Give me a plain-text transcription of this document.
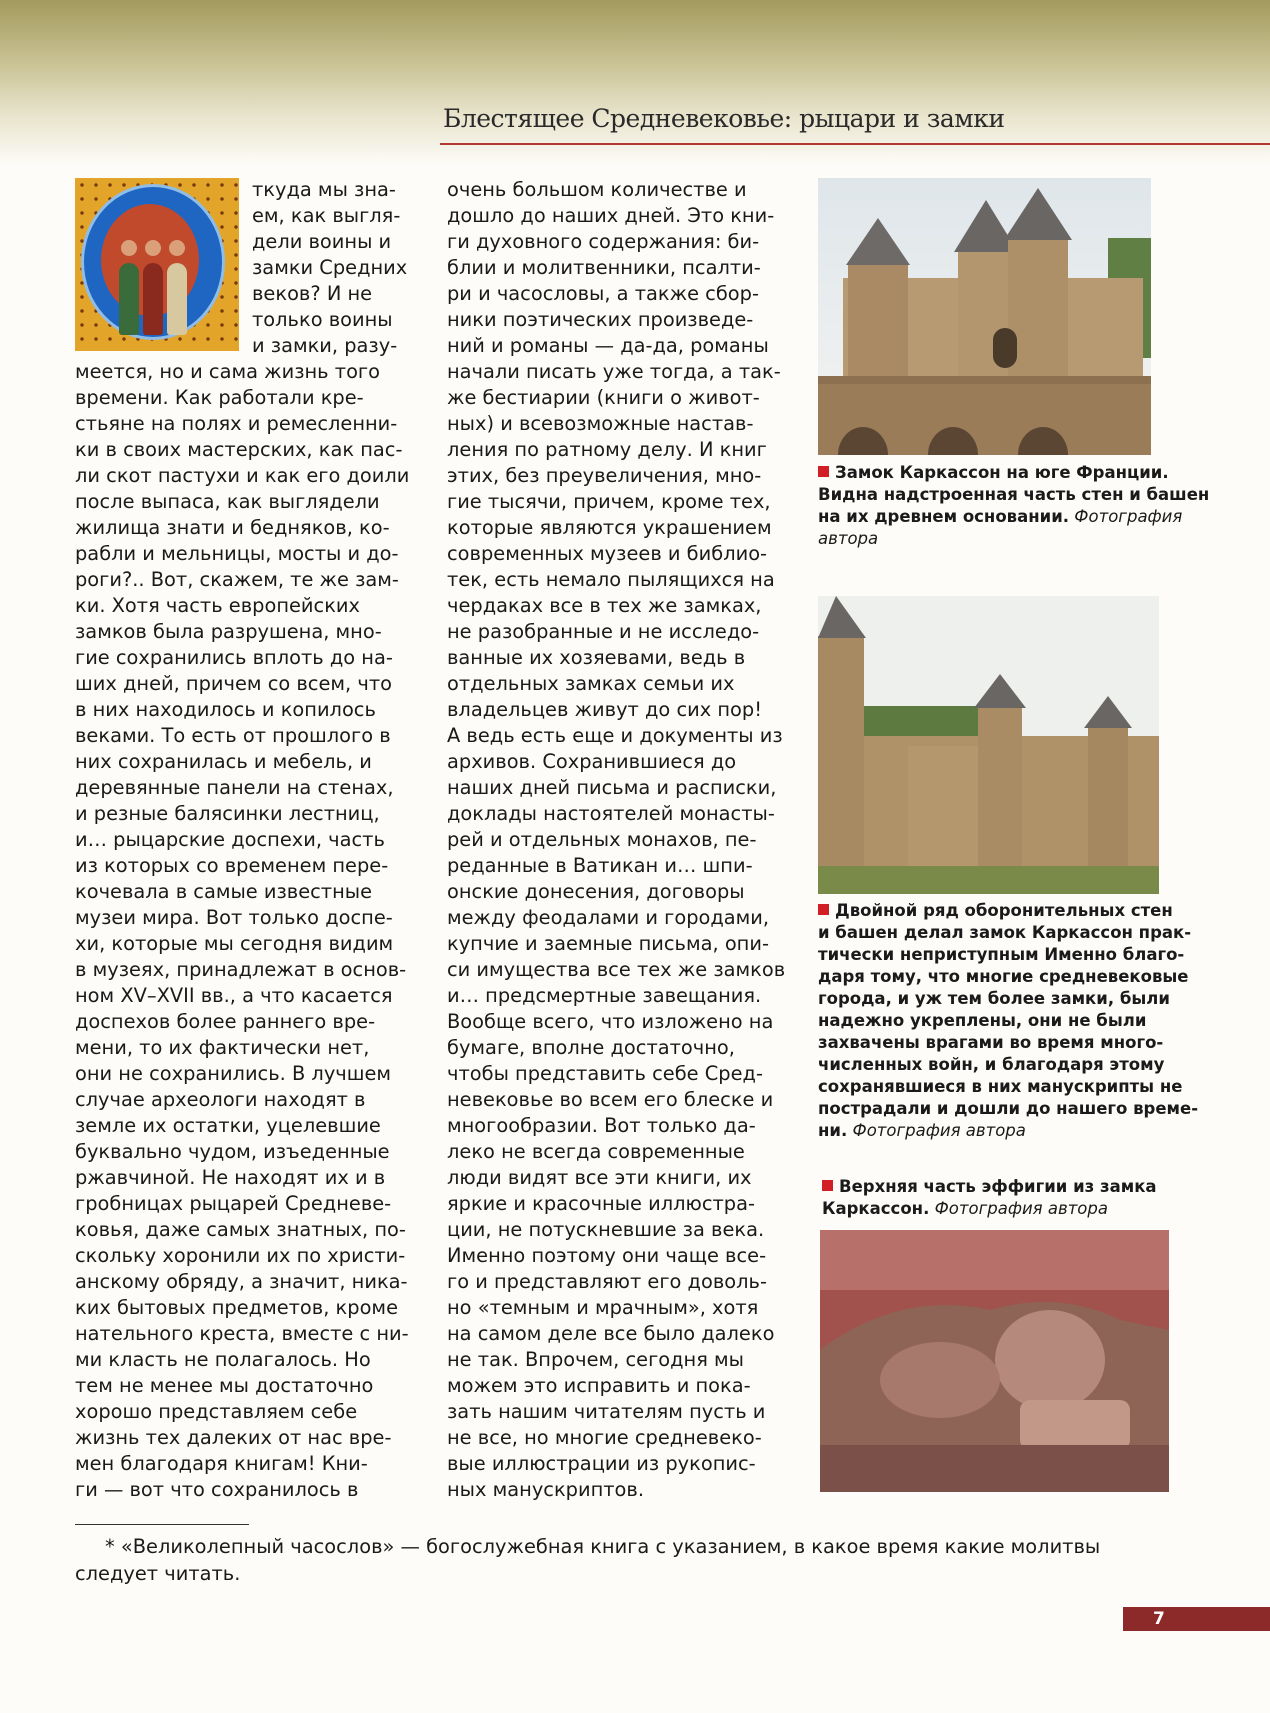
Блестящее Средневековье: рыцари и замки
ткуда мы зна-
ем, как выгля-
дели воины и
замки Средних
веков? И не
только воины
и замки, разу-
меется, но и сама жизнь того
времени. Как работали кре-
стьяне на полях и ремесленни-
ки в своих мастерских, как пас-
ли скот пастухи и как его доили
после выпаса, как выглядели
жилища знати и бедняков, ко-
рабли и мельницы, мосты и до-
роги?.. Вот, скажем, те же зам-
ки. Хотя часть европейских
замков была разрушена, мно-
гие сохранились вплоть до на-
ших дней, причем со всем, что
в них находилось и копилось
веками. То есть от прошлого в
них сохранилась и мебель, и
деревянные панели на стенах,
и резные балясинки лестниц,
и… рыцарские доспехи, часть
из которых со временем пере-
кочевала в самые известные
музеи мира. Вот только доспе-
хи, которые мы сегодня видим
в музеях, принадлежат в основ-
ном XV–XVII вв., а что касается
доспехов более раннего вре-
мени, то их фактически нет,
они не сохранились. В лучшем
случае археологи находят в
земле их остатки, уцелевшие
буквально чудом, изъеденные
ржавчиной. Не находят их и в
гробницах рыцарей Средневе-
ковья, даже самых знатных, по-
скольку хоронили их по христи-
анскому обряду, а значит, ника-
ких бытовых предметов, кроме
нательного креста, вместе с ни-
ми класть не полагалось. Но
тем не менее мы достаточно
хорошо представляем себе
жизнь тех далеких от нас вре-
мен благодаря книгам! Кни-
ги — вот что сохранилось в
очень большом количестве и
дошло до наших дней. Это кни-
ги духовного содержания: би-
блии и молитвенники, псалти-
ри и часословы, а также сбор-
ники поэтических произведе-
ний и романы — да-да, романы
начали писать уже тогда, а так-
же бестиарии (книги о живот-
ных) и всевозможные настав-
ления по ратному делу. И книг
этих, без преувеличения, мно-
гие тысячи, причем, кроме тех,
которые являются украшением
современных музеев и библио-
тек, есть немало пылящихся на
чердаках все в тех же замках,
не разобранные и не исследо-
ванные их хозяевами, ведь в
отдельных замках семьи их
владельцев живут до сих пор!
А ведь есть еще и документы из
архивов. Сохранившиеся до
наших дней письма и расписки,
доклады настоятелей монасты-
рей и отдельных монахов, пе-
реданные в Ватикан и… шпи-
онские донесения, договоры
между феодалами и городами,
купчие и заемные письма, опи-
си имущества все тех же замков
и… предсмертные завещания.
Вообще всего, что изложено на
бумаге, вполне достаточно,
чтобы представить себе Сред-
невековье во всем его блеске и
многообразии. Вот только да-
леко не всегда современные
люди видят все эти книги, их
яркие и красочные иллюстра-
ции, не потускневшие за века.
Именно поэтому они чаще все-
го и представляют его доволь-
но «темным и мрачным», хотя
на самом деле все было далеко
не так. Впрочем, сегодня мы
можем это исправить и пока-
зать нашим читателям пусть и
не все, но многие средневеко-
вые иллюстрации из рукопис-
ных манускриптов.
Замок Каркассон на юге Франции.
Видна надстроенная часть стен и башен
на их древнем основании. Фотография
автора
Двойной ряд оборонительных стен
и башен делал замок Каркассон прак-
тически неприступным Именно благо-
даря тому, что многие средневековые
города, и уж тем более замки, были
надежно укреплены, они не были
захвачены врагами во время много-
численных войн, и благодаря этому
сохранявшиеся в них манускрипты не
пострадали и дошли до нашего време-
ни. Фотография автора
Верхняя часть эффигии из замка
Каркассон. Фотография автора
* «Великолепный часослов» — богослужебная книга с указанием, в какое время какие молитвы
следует читать.
7
